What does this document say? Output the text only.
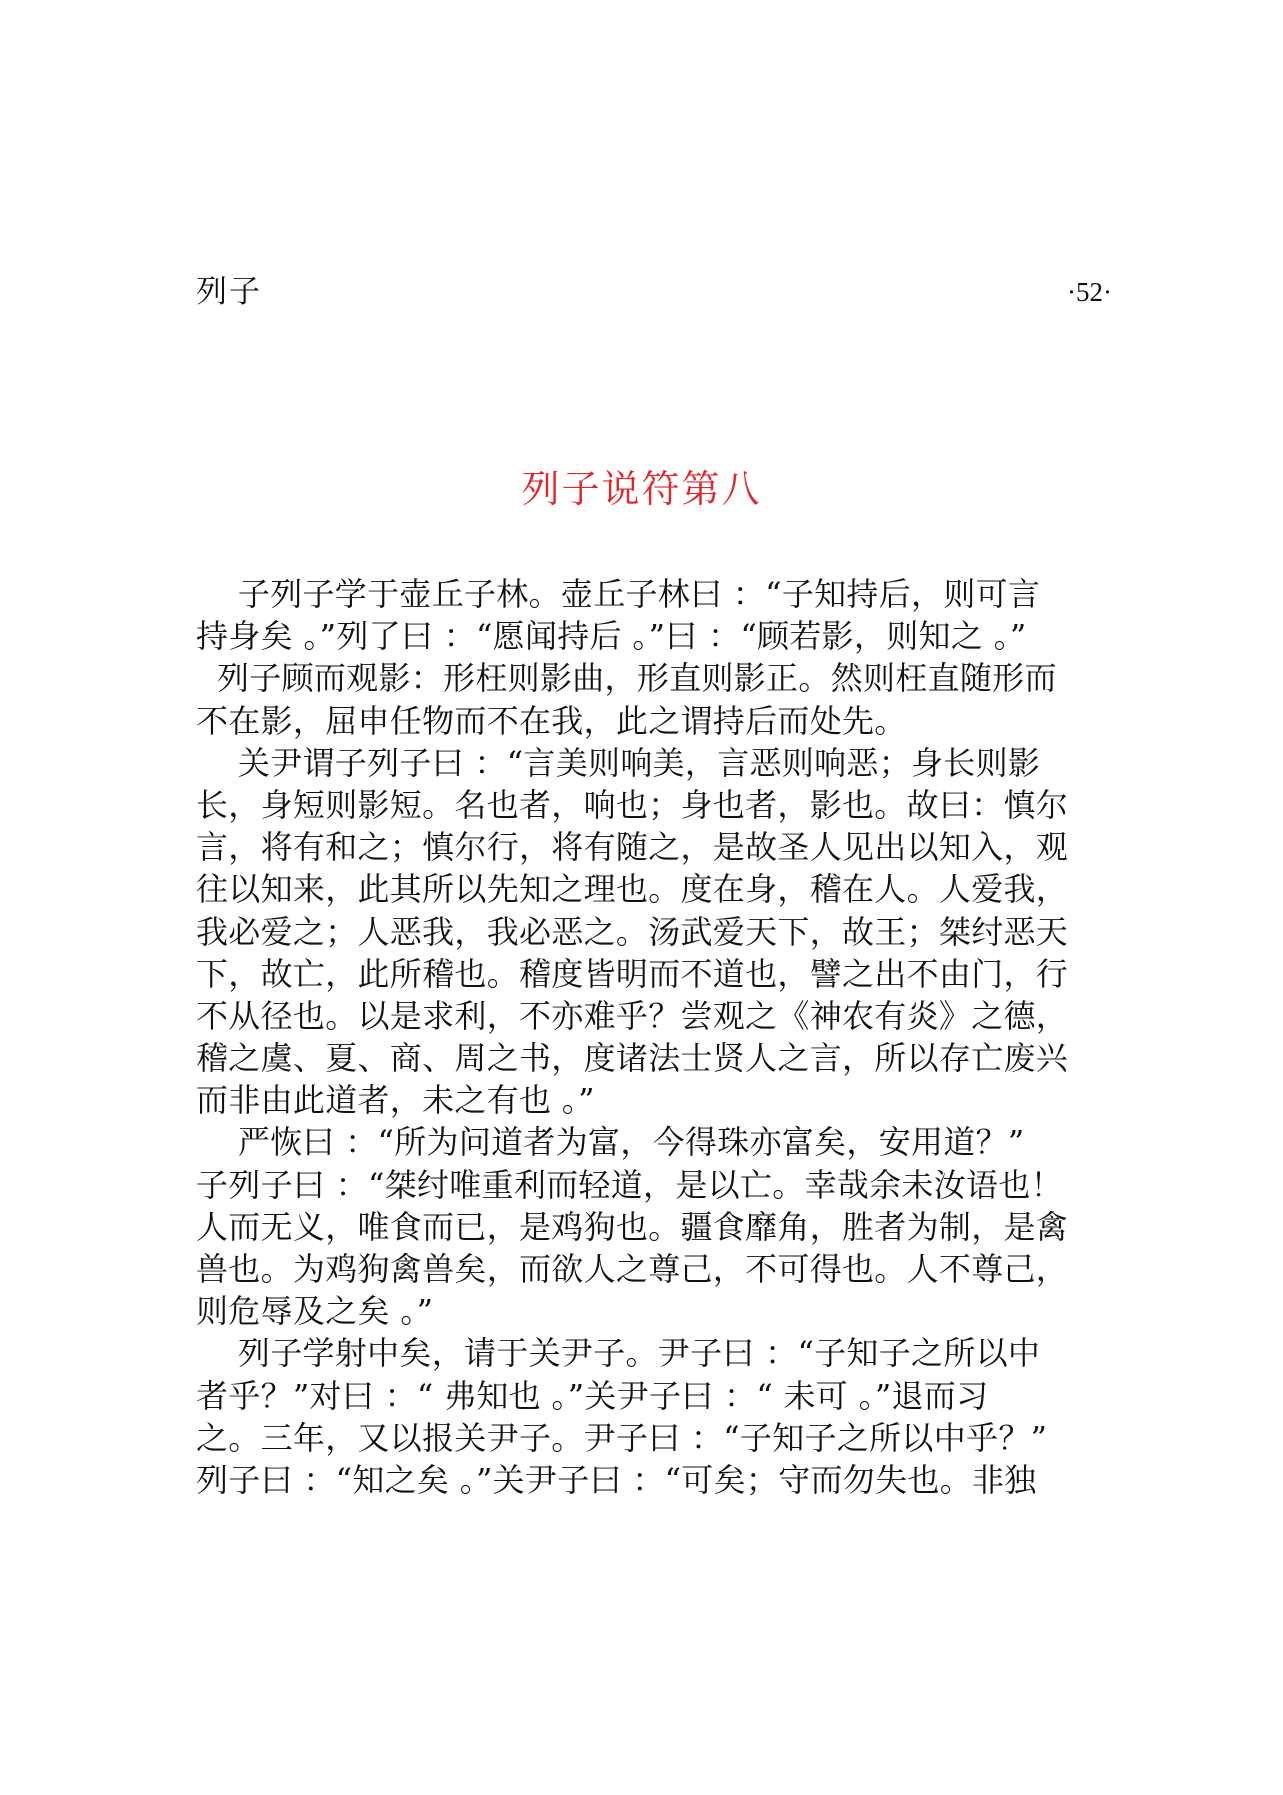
列子	·52·
列子说符第八
子列子学于壶丘子林。壶丘子林曰 ：“子知持后，则可言
持身矣 。”列了曰 ：“愿闻持后 。”曰 ：“顾若影，则知之 。”
列子顾而观影：形枉则影曲，形直则影正。然则枉直随形而
不在影，屈申任物而不在我，此之谓持后而处先。
关尹谓子列子曰 ：“言美则响美，言恶则响恶；身长则影
长，身短则影短。名也者，响也；身也者，影也。故曰：慎尔
言，将有和之；慎尔行，将有随之，是故圣人见出以知入，观
往以知来，此其所以先知之理也。度在身，稽在人。人爱我，
我必爱之；人恶我，我必恶之。汤武爱天下，故王；桀纣恶天
下，故亡，此所稽也。稽度皆明而不道也，譬之出不由门，行
不从径也。以是求利，不亦难乎？尝观之《神农有炎》之德，
稽之虞、夏、商、周之书，度诸法士贤人之言，所以存亡废兴
而非由此道者，未之有也 。”
严恢曰 ：“所为问道者为富，今得珠亦富矣，安用道？”
子列子曰 ：“桀纣唯重利而轻道，是以亡。幸哉余未汝语也！
人而无义，唯食而已，是鸡狗也。疆食靡角，胜者为制，是禽
兽也。为鸡狗禽兽矣，而欲人之尊己，不可得也。人不尊己，
则危辱及之矣 。”
列子学射中矣，请于关尹子。尹子曰 ：“子知子之所以中
者乎？”对曰 ：“ 弗知也 。”关尹子曰 ：“ 未可 。”退而习
之。三年，又以报关尹子。尹子曰 ：“子知子之所以中乎？”
列子曰 ：“知之矣 。”关尹子曰 ：“可矣；守而勿失也。非独
